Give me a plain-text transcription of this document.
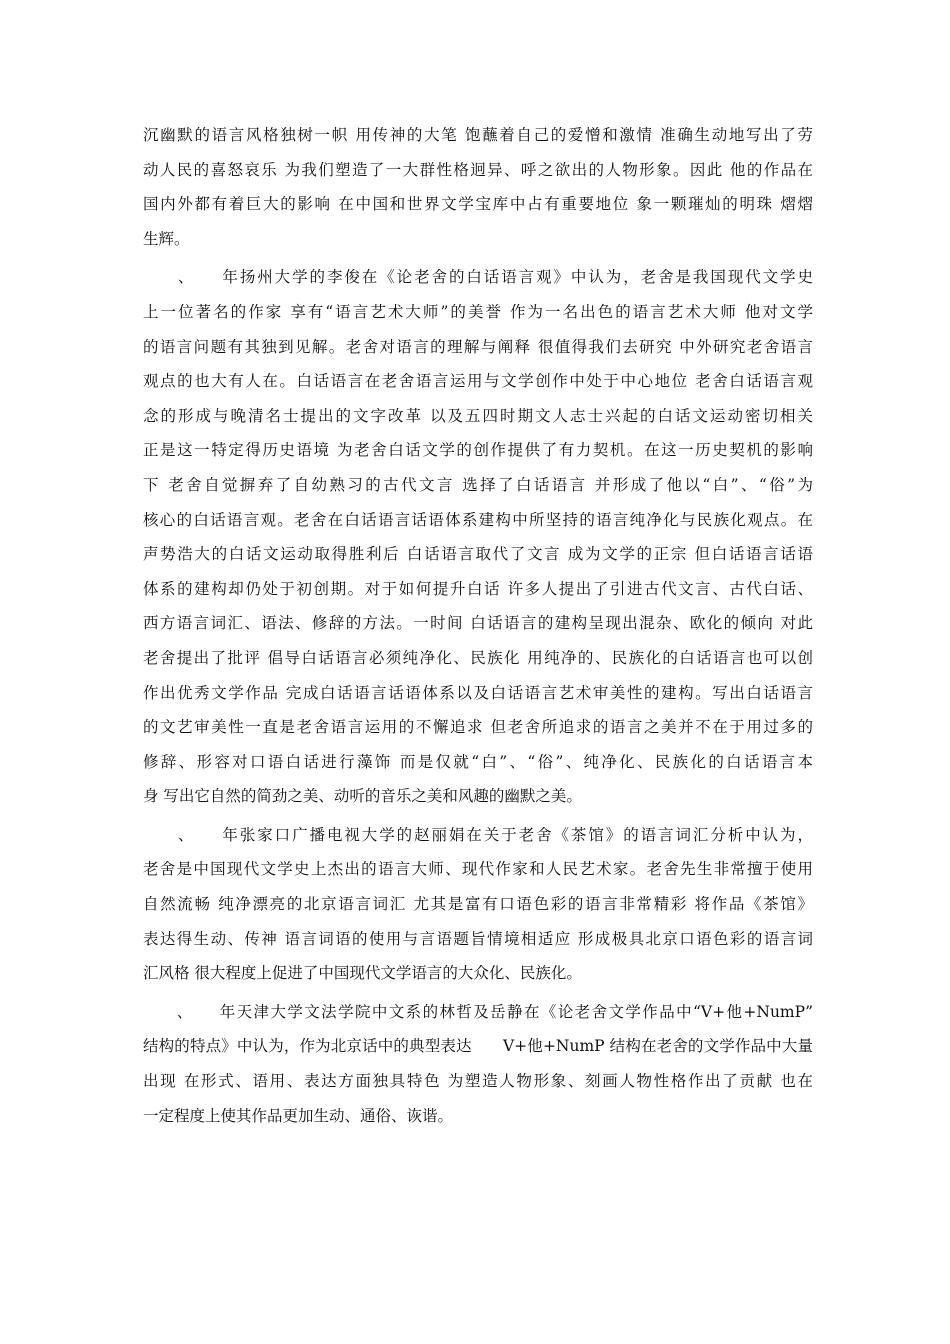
沉幽默的语言风格独树一帜 用传神的大笔 饱蘸着自己的爱憎和激情 准确生动地写出了劳
动人民的喜怒哀乐 为我们塑造了一大群性格迥异、呼之欲出的人物形象。因此 他的作品在
国内外都有着巨大的影响 在中国和世界文学宝库中占有重要地位 象一颗璀灿的明珠 熠熠
生辉。

　　、　　年扬州大学的李俊在《论老舍的白话语言观》中认为，老舍是我国现代文学史
上一位著名的作家 享有“语言艺术大师”的美誉 作为一名出色的语言艺术大师 他对文学
的语言问题有其独到见解。老舍对语言的理解与阐释 很值得我们去研究 中外研究老舍语言
观点的也大有人在。白话语言在老舍语言运用与文学创作中处于中心地位 老舍白话语言观
念的形成与晚清名士提出的文字改革 以及五四时期文人志士兴起的白话文运动密切相关
正是这一特定得历史语境 为老舍白话文学的创作提供了有力契机。在这一历史契机的影响
下 老舍自觉摒弃了自幼熟习的古代文言 选择了白话语言 并形成了他以“白”、“俗”为
核心的白话语言观。老舍在白话语言话语体系建构中所坚持的语言纯净化与民族化观点。在
声势浩大的白话文运动取得胜利后 白话语言取代了文言 成为文学的正宗 但白话语言话语
体系的建构却仍处于初创期。对于如何提升白话 许多人提出了引进古代文言、古代白话、
西方语言词汇、语法、修辞的方法。一时间 白话语言的建构呈现出混杂、欧化的倾向 对此
老舍提出了批评 倡导白话语言必须纯净化、民族化 用纯净的、民族化的白话语言也可以创
作出优秀文学作品 完成白话语言话语体系以及白话语言艺术审美性的建构。写出白话语言
的文艺审美性一直是老舍语言运用的不懈追求 但老舍所追求的语言之美并不在于用过多的
修辞、形容对口语白话进行藻饰 而是仅就“白”、“俗”、纯净化、民族化的白话语言本
身 写出它自然的简劲之美、动听的音乐之美和风趣的幽默之美。

　　、　　年张家口广播电视大学的赵丽娟在关于老舍《茶馆》的语言词汇分析中认为，
老舍是中国现代文学史上杰出的语言大师、现代作家和人民艺术家。老舍先生非常擅于使用
自然流畅 纯净漂亮的北京语言词汇 尤其是富有口语色彩的语言非常精彩 将作品《茶馆》
表达得生动、传神 语言词语的使用与言语题旨情境相适应 形成极具北京口语色彩的语言词
汇风格 很大程度上促进了中国现代文学语言的大众化、民族化。

　　、　　年天津大学文法学院中文系的林哲及岳静在《论老舍文学作品中“V+他+NumP”
结构的特点》中认为，作为北京话中的典型表达　　V+他+NumP 结构在老舍的文学作品中大量
出现 在形式、语用、表达方面独具特色 为塑造人物形象、刻画人物性格作出了贡献 也在
一定程度上使其作品更加生动、通俗、诙谐。
